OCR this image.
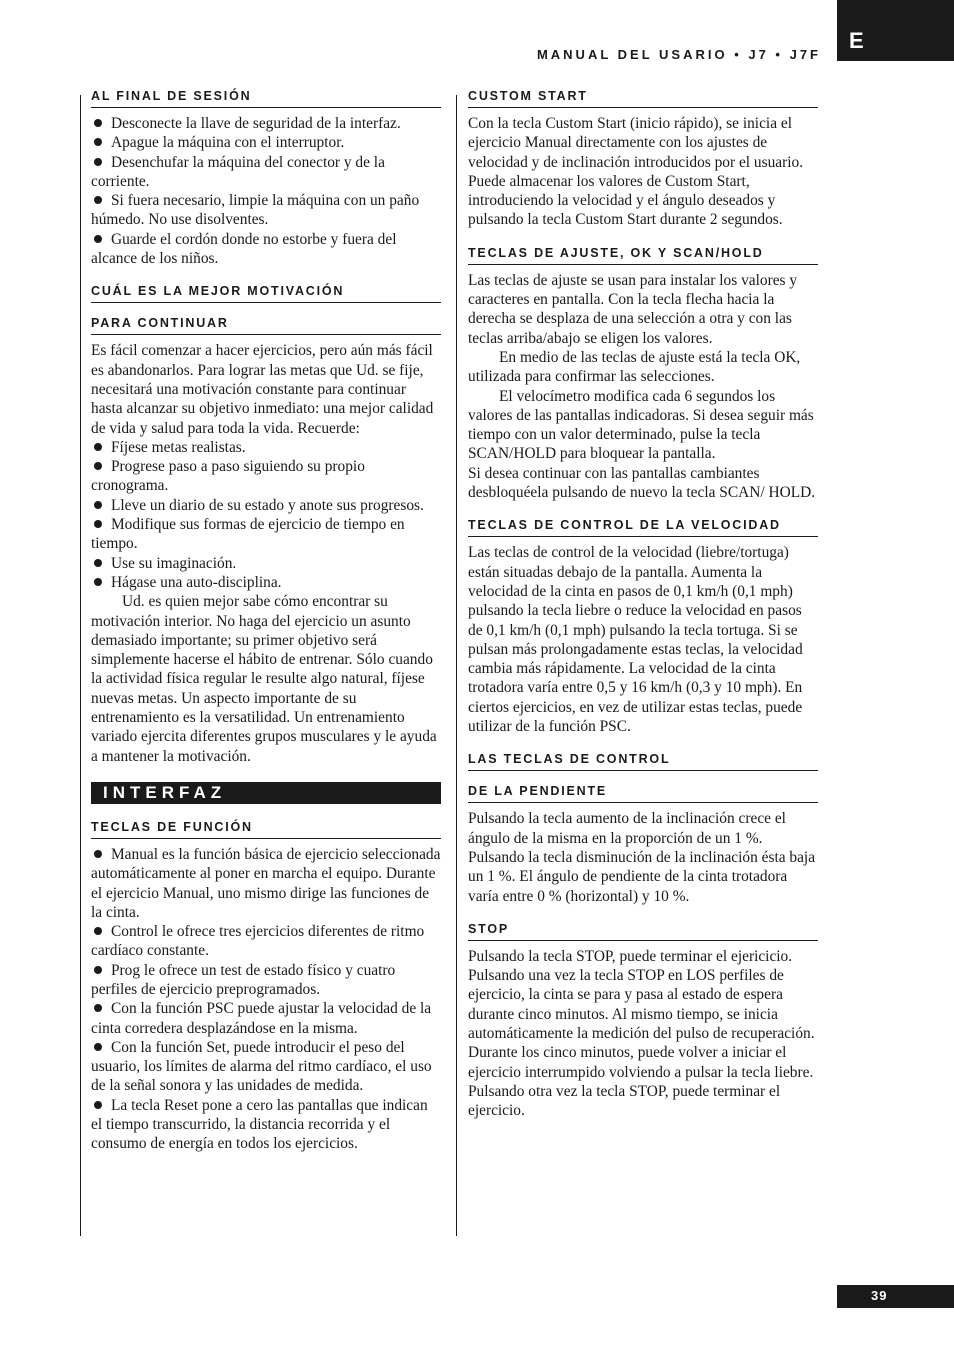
E
MANUAL DEL USARIO • J7 • J7F
AL FINAL DE SESIÓN
Desconecte la llave de seguridad de la interfaz.
Apague la máquina con el interruptor.
Desenchufar la máquina del conector y de la corriente.
Si fuera necesario, limpie la máquina con un paño húmedo. No use disolventes.
Guarde el cordón donde no estorbe y fuera del alcance de los niños.
CUÁL ES LA MEJOR MOTIVACIÓN
PARA CONTINUAR

Es fácil comenzar a hacer ejercicios, pero aún más fácil es abandonarlos. Para lograr las metas que Ud. se fije, necesitará una motivación constante para continuar hasta alcanzar su objetivo inmediato: una mejor calidad de vida y salud para toda la vida. Recuerde:

Fíjese metas realistas.
Progrese paso a paso siguiendo su propio cronograma.
Lleve un diario de su estado y anote sus progresos.
Modifique sus formas de ejercicio de tiempo en tiempo.
Use su imaginación.
Hágase una auto-disciplina.

Ud. es quien mejor sabe cómo encontrar su motivación interior. No haga del ejercicio un asunto demasiado importante; su primer objetivo será simplemente hacerse el hábito de entrenar. Sólo cuando la actividad física regular le resulte algo natural, fíjese nuevas metas. Un aspecto importante de su entrenamiento es la versatilidad. Un entrenamiento variado ejercita diferentes grupos musculares y le ayuda a mantener la motivación.

INTERFAZ
TECLAS DE FUNCIÓN
Manual es la función básica de ejercicio seleccionada automáticamente al poner en marcha el equipo. Durante el ejercicio Manual, uno mismo dirige las funciones de la cinta.
Control le ofrece tres ejercicios diferentes de ritmo cardíaco constante.
Prog le ofrece un test de estado físico y cuatro perfiles de ejercicio preprogramados.
Con la función PSC puede ajustar la velocidad de la cinta corredera desplazándose en la misma.
Con la función Set, puede introducir el peso del usuario, los límites de alarma del ritmo cardíaco, el uso de la señal sonora y las unidades de medida.
La tecla Reset pone a cero las pantallas que indican el tiempo transcurrido, la distancia recorrida y el consumo de energía en todos los ejercicios.
CUSTOM START

Con la tecla Custom Start (inicio rápido), se inicia el ejercicio Manual directamente con los ajustes de velocidad y de inclinación introducidos por el usuario. Puede almacenar los valores de Custom Start, introduciendo la velocidad y el ángulo deseados y pulsando la tecla Custom Start durante 2 segundos.

TECLAS DE AJUSTE, OK Y SCAN/HOLD

Las teclas de ajuste se usan para instalar los valores y caracteres en pantalla. Con la tecla flecha hacia la derecha se desplaza de una selección a otra y con las teclas arriba/abajo se eligen los valores.

En medio de las teclas de ajuste está la tecla OK, utilizada para confirmar las selecciones.

El velocímetro modifica cada 6 segundos los valores de las pantallas indicadoras. Si desea seguir más tiempo con un valor determinado, pulse la tecla SCAN/HOLD para bloquear la pantalla.

Si desea continuar con las pantallas cambiantes desbloquéela pulsando de nuevo la tecla SCAN/ HOLD.

TECLAS DE CONTROL DE LA VELOCIDAD

Las teclas de control de la velocidad (liebre/tortuga) están situadas debajo de la pantalla. Aumenta la velocidad de la cinta en pasos de 0,1 km/h (0,1 mph) pulsando la tecla liebre o reduce la velocidad en pasos de 0,1 km/h (0,1 mph) pulsando la tecla tortuga. Si se pulsan más prolongadamente estas teclas, la velocidad cambia más rápidamente. La velocidad de la cinta trotadora varía entre 0,5 y 16 km/h (0,3 y 10 mph). En ciertos ejercicios, en vez de utilizar estas teclas, puede utilizar de la función PSC.

LAS TECLAS DE CONTROL
DE LA PENDIENTE

Pulsando la tecla aumento de la inclinación crece el ángulo de la misma en la proporción de un 1 %. Pulsando la tecla disminución de la inclinación ésta baja un 1 %. El ángulo de pendiente de la cinta trotadora varía entre 0 % (horizontal) y 10 %.

STOP

Pulsando la tecla STOP, puede terminar el ejericicio. Pulsando una vez la tecla STOP en LOS perfiles de ejercicio, la cinta se para y pasa al estado de espera durante cinco minutos. Al mismo tiempo, se inicia automáticamente la medición del pulso de recuperación. Durante los cinco minutos, puede volver a iniciar el ejercicio interrumpido volviendo a pulsar la tecla liebre. Pulsando otra vez la tecla STOP, puede terminar el ejercicio.

39
